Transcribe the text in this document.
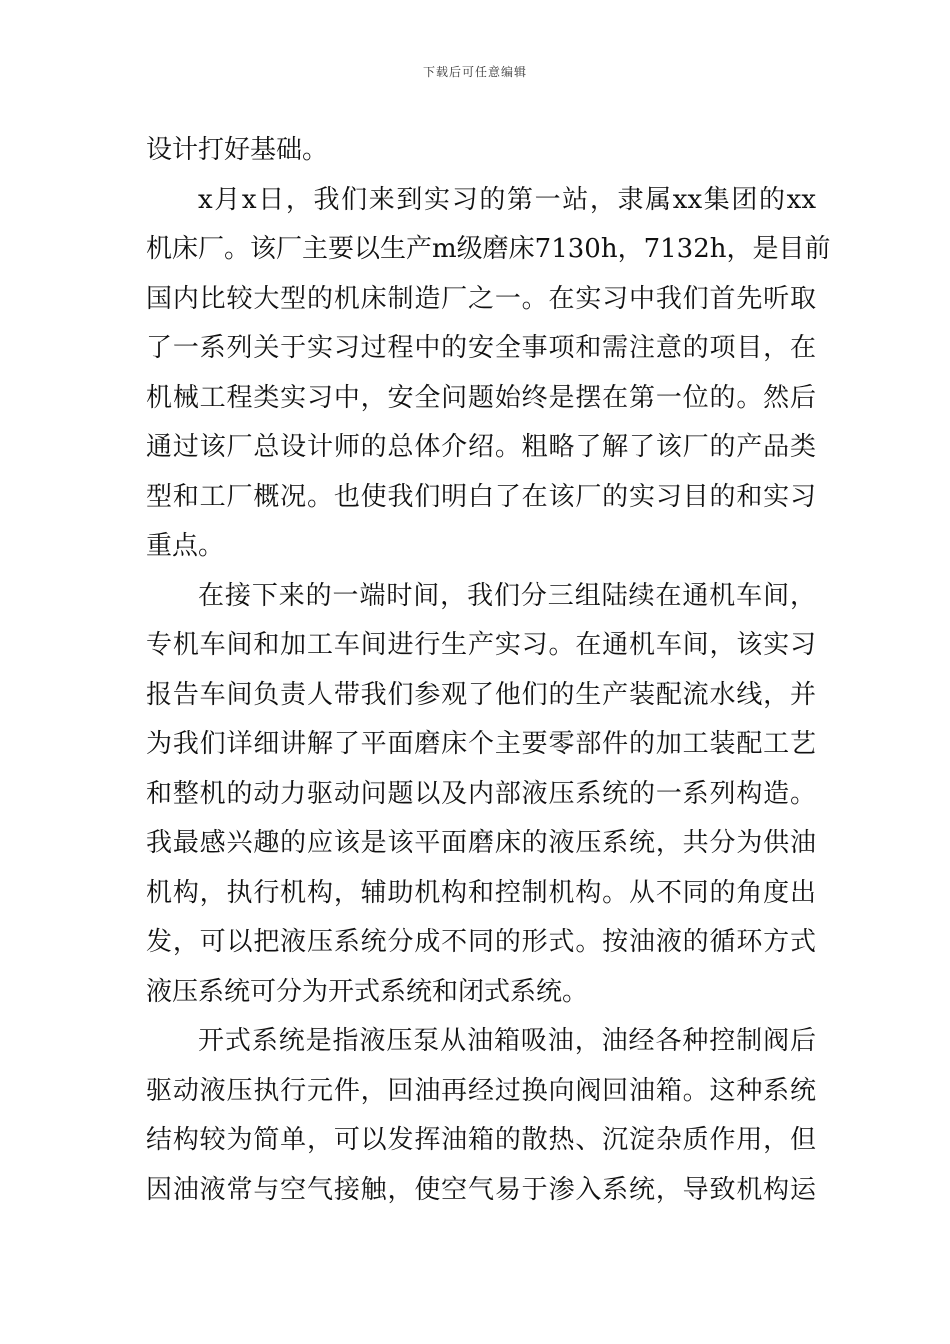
下载后可任意编辑
设计打好基础。
x月x日，我们来到实习的第一站，隶属xx集团的xx
机床厂。该厂主要以生产m级磨床7130h，7132h，是目前
国内比较大型的机床制造厂之一。在实习中我们首先听取
了一系列关于实习过程中的安全事项和需注意的项目，在
机械工程类实习中，安全问题始终是摆在第一位的。然后
通过该厂总设计师的总体介绍。粗略了解了该厂的产品类
型和工厂概况。也使我们明白了在该厂的实习目的和实习
重点。
在接下来的一端时间，我们分三组陆续在通机车间，
专机车间和加工车间进行生产实习。在通机车间，该实习
报告车间负责人带我们参观了他们的生产装配流水线，并
为我们详细讲解了平面磨床个主要零部件的加工装配工艺
和整机的动力驱动问题以及内部液压系统的一系列构造。
我最感兴趣的应该是该平面磨床的液压系统，共分为供油
机构，执行机构，辅助机构和控制机构。从不同的角度出
发，可以把液压系统分成不同的形式。按油液的循环方式
液压系统可分为开式系统和闭式系统。
开式系统是指液压泵从油箱吸油，油经各种控制阀后
驱动液压执行元件，回油再经过换向阀回油箱。这种系统
结构较为简单，可以发挥油箱的散热、沉淀杂质作用，但
因油液常与空气接触，使空气易于渗入系统，导致机构运
